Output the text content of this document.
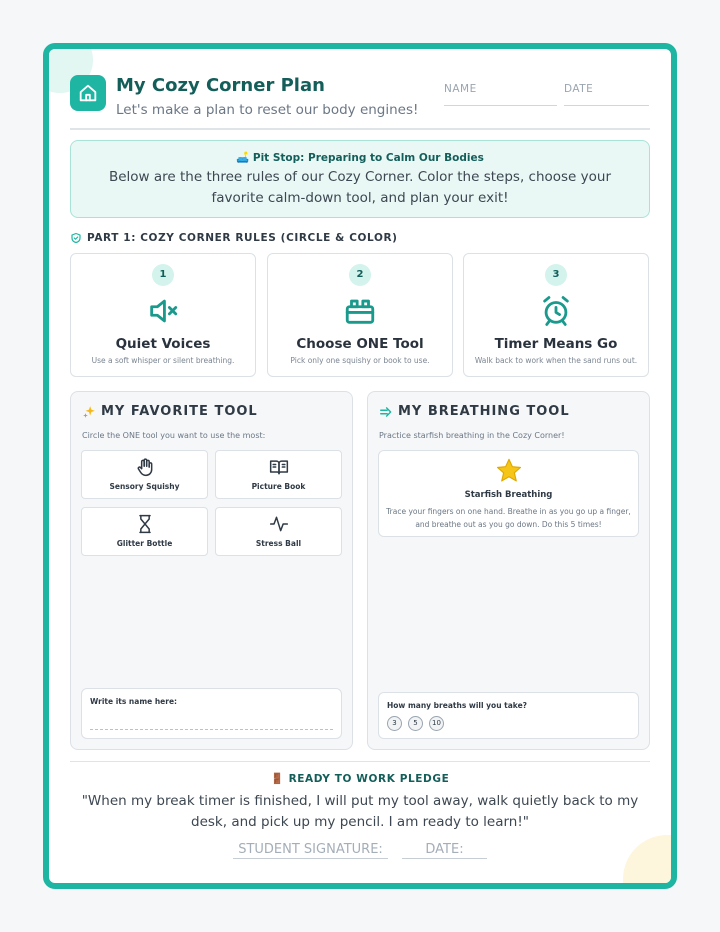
My Cozy Corner Plan
Let's make a plan to reset our body engines!
NAME	DATE
🛋️ Pit Stop: Preparing to Calm Our Bodies
Below are the three rules of our Cozy Corner. Color the steps, choose your favorite calm-down tool, and plan your exit!
PART 1: COZY CORNER RULES (CIRCLE & COLOR)
1
Quiet Voices
Use a soft whisper or silent breathing.
2
Choose ONE Tool
Pick only one squishy or book to use.
3
Timer Means Go
Walk back to work when the sand runs out.
MY FAVORITE TOOL
Circle the ONE tool you want to use the most:
Sensory Squishy	Picture Book
Glitter Bottle	Stress Ball
Write its name here:
MY BREATHING TOOL
Practice starfish breathing in the Cozy Corner!
Starfish Breathing
Trace your fingers on one hand. Breathe in as you go up a finger, and breathe out as you go down. Do this 5 times!
How many breaths will you take?
3	5	10
🚪 READY TO WORK PLEDGE
"When my break timer is finished, I will put my tool away, walk quietly back to my desk, and pick up my pencil. I am ready to learn!"
STUDENT SIGNATURE:	DATE:
